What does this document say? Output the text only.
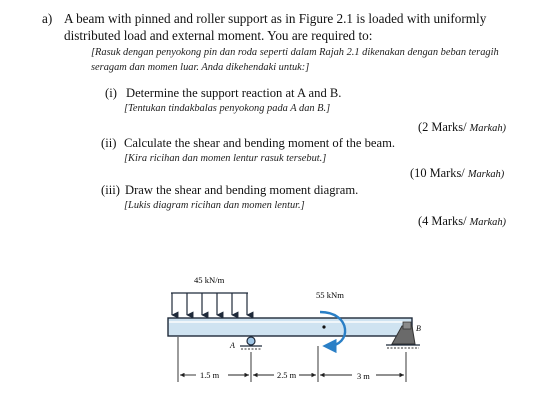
a) A beam with pinned and roller support as in Figure 2.1 is loaded with uniformly
distributed load and external moment. You are required to:
[Rasuk dengan penyokong pin dan roda seperti dalam Rajah 2.1 dikenakan dengan beban teragih
seragam dan momen luar. Anda dikehendaki untuk:]
(i) Determine the support reaction at A and B.
[Tentukan tindakbalas penyokong pada A dan B.]
(2 Marks/ Markah)
(ii) Calculate the shear and bending moment of the beam.
[Kira ricihan dan momen lentur rasuk tersebut.]
(10 Marks/ Markah)
(iii) Draw the shear and bending moment diagram.
[Lukis diagram ricihan dan momen lentur.]
(4 Marks/ Markah)
45 kN/m
55 kNm
A
B
1.5 m	2.5 m	3 m
